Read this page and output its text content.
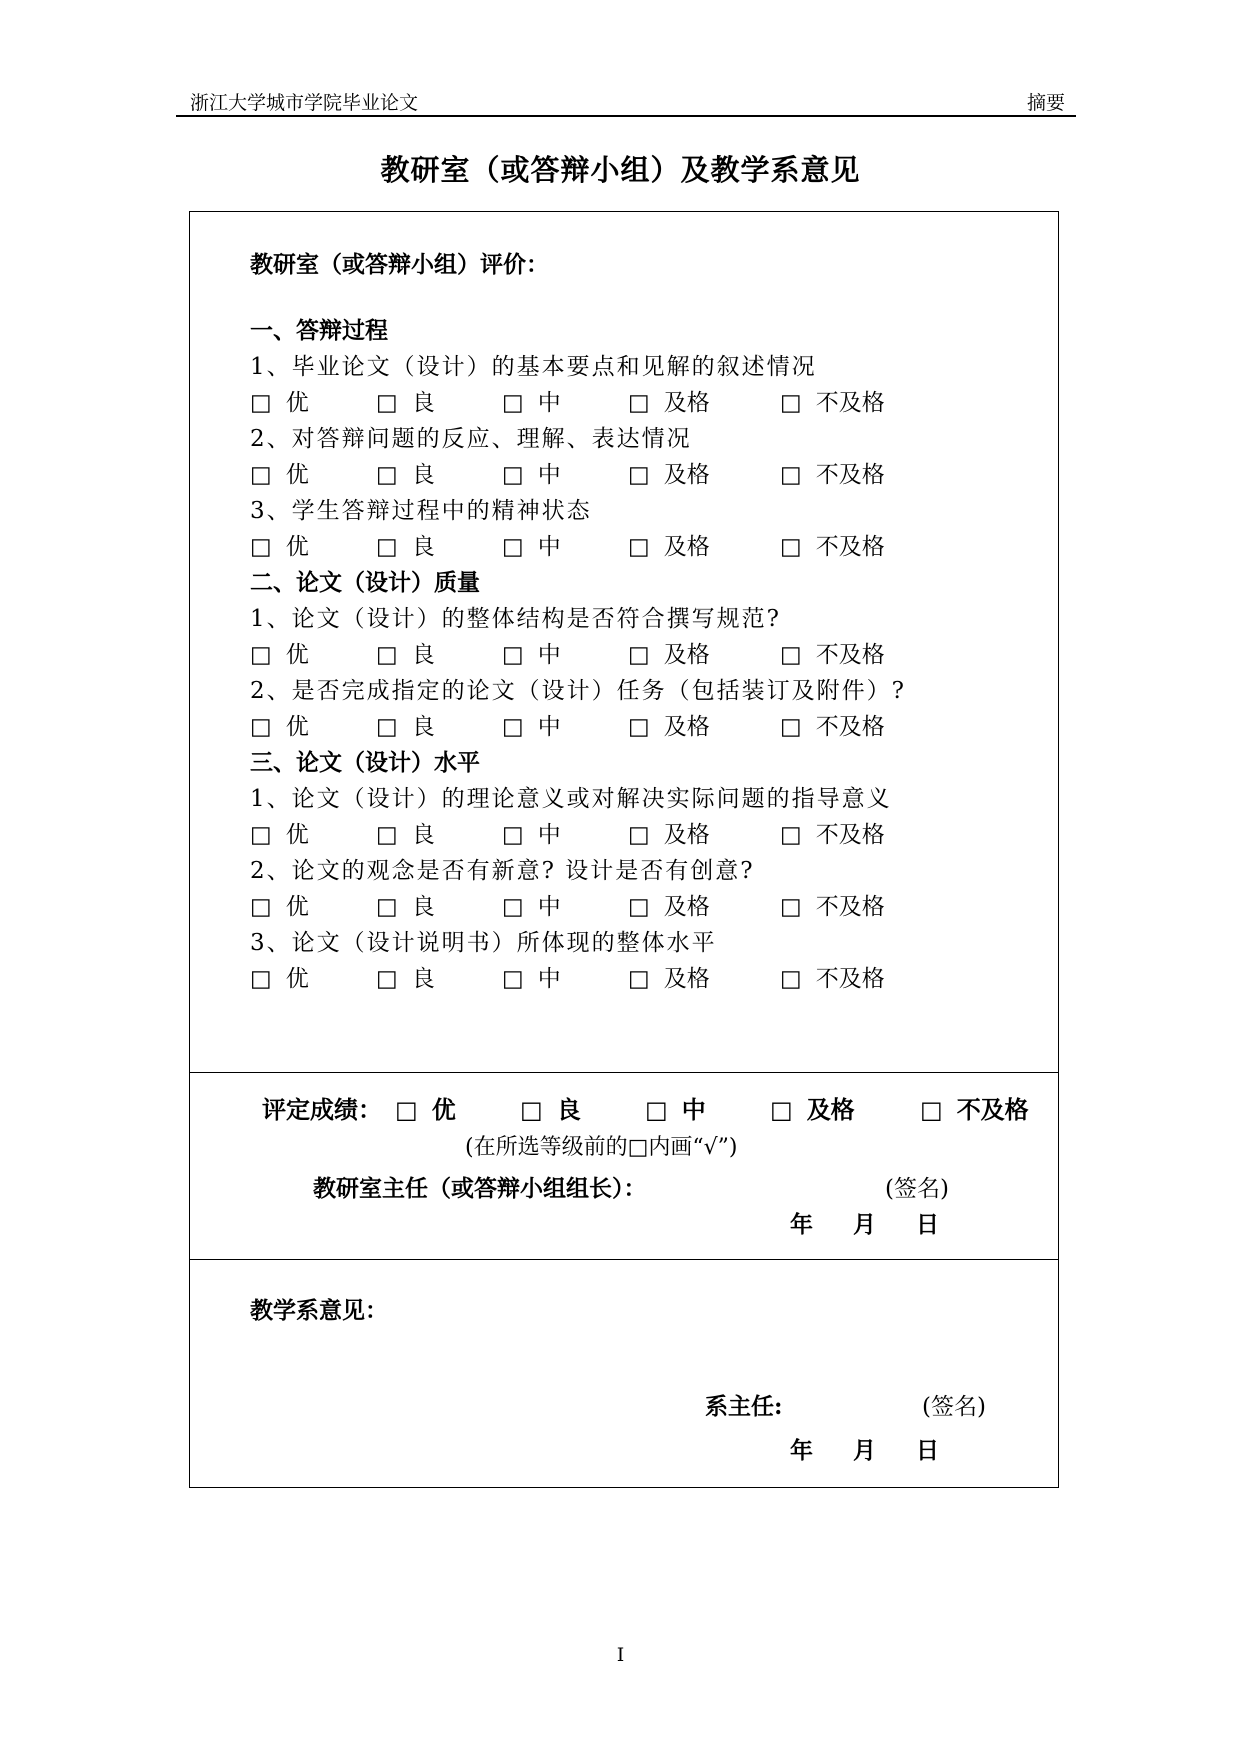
浙江大学城市学院毕业论文	摘要
教研室（或答辩小组）及教学系意见
教研室（或答辩小组）评价：
一、答辩过程
1、毕业论文（设计）的基本要点和见解的叙述情况
□ 优	□ 良	□ 中	□ 及格	□ 不及格
2、对答辩问题的反应、理解、表达情况
□ 优	□ 良	□ 中	□ 及格	□ 不及格
3、学生答辩过程中的精神状态
□ 优	□ 良	□ 中	□ 及格	□ 不及格
二、论文（设计）质量
1、论文（设计）的整体结构是否符合撰写规范?
□ 优	□ 良	□ 中	□ 及格	□ 不及格
2、是否完成指定的论文（设计）任务（包括装订及附件）?
□ 优	□ 良	□ 中	□ 及格	□ 不及格
三、论文（设计）水平
1、论文（设计）的理论意义或对解决实际问题的指导意义
□ 优	□ 良	□ 中	□ 及格	□ 不及格
2、论文的观念是否有新意? 设计是否有创意?
□ 优	□ 良	□ 中	□ 及格	□ 不及格
3、论文（设计说明书）所体现的整体水平
□ 优	□ 良	□ 中	□ 及格	□ 不及格
评定成绩： □ 优	□ 良	□ 中	□ 及格	□ 不及格
(在所选等级前的□内画“√”)
教研室主任（或答辩小组组长）：	(签名)
年 月 日
教学系意见：
系主任:	(签名)
年 月 日
I
